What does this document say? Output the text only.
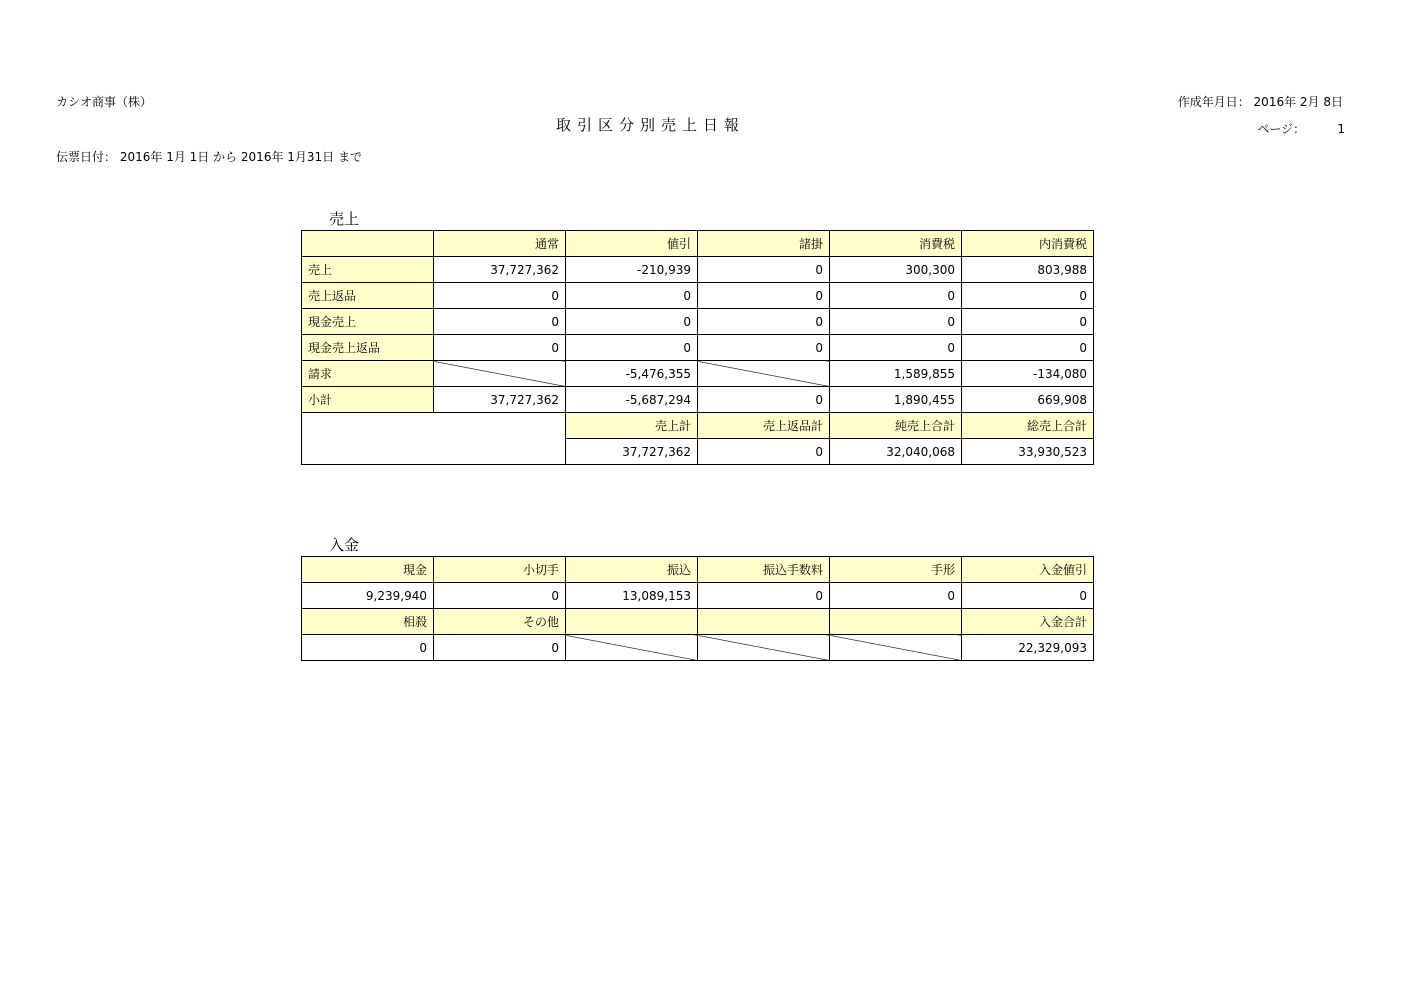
カシオ商事（株）	作成年月日： 2016年 2月 8日
取引区分別売上日報	ページ：	1
伝票日付： 2016年 1月 1日 から 2016年 1月31日 まで
売上
	通常	値引	諸掛	消費税	内消費税
売上	37,727,362	-210,939	0	300,300	803,988
売上返品	0	0	0	0	0
現金売上	0	0	0	0	0
現金売上返品	0	0	0	0	0
請求		-5,476,355		1,589,855	-134,080
小計	37,727,362	-5,687,294	0	1,890,455	669,908
		売上計	売上返品計	純売上合計	総売上合計
		37,727,362	0	32,040,068	33,930,523
入金
現金	小切手	振込	振込手数料	手形	入金値引
9,239,940	0	13,089,153	0	0	0
相殺	その他				入金合計
0	0				22,329,093
